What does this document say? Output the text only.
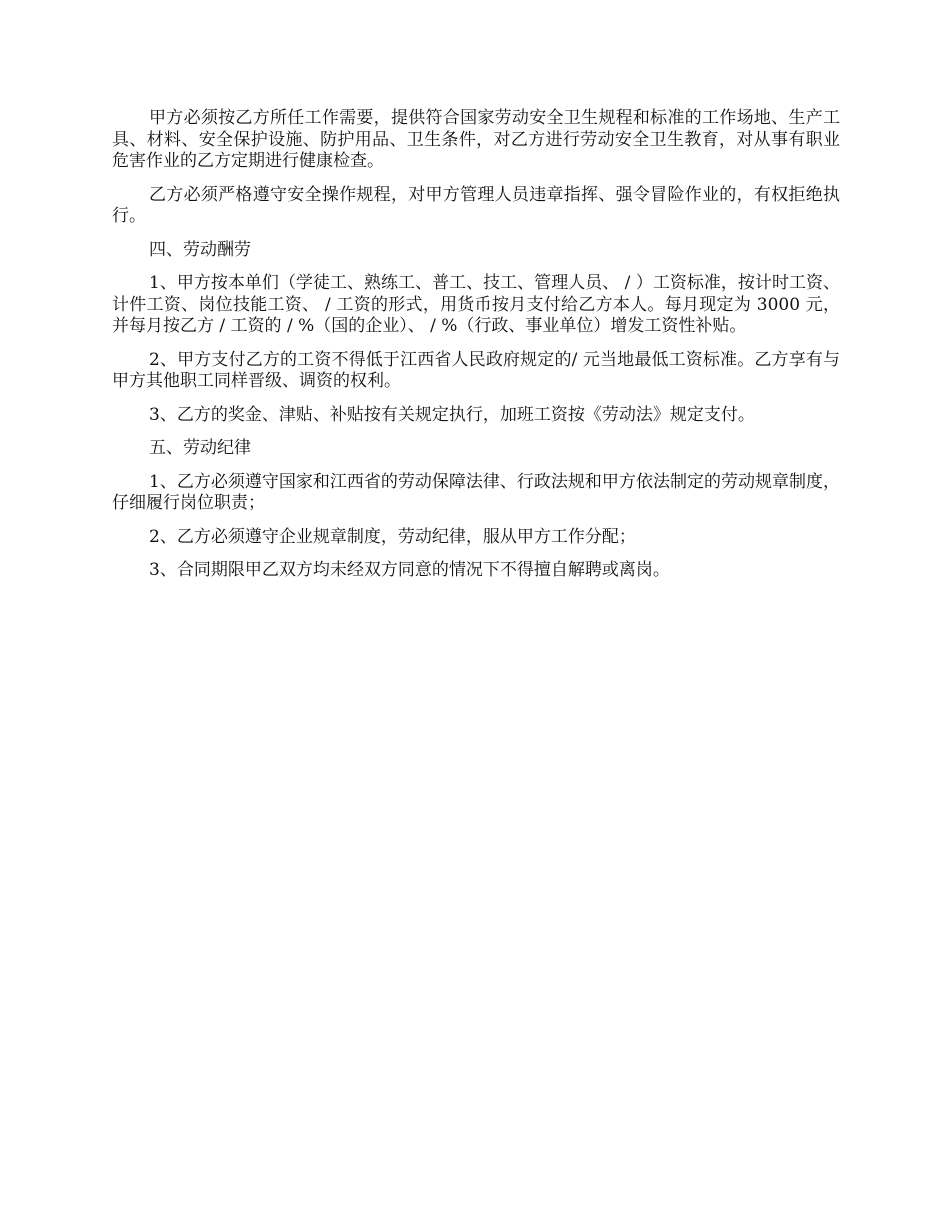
甲方必须按乙方所任工作需要，提供符合国家劳动安全卫生规程和标准的工作场地、生产工具、材料、安全保护设施、防护用品、卫生条件，对乙方进行劳动安全卫生教育，对从事有职业危害作业的乙方定期进行健康检查。

乙方必须严格遵守安全操作规程，对甲方管理人员违章指挥、强令冒险作业的，有权拒绝执行。

四、劳动酬劳

1、甲方按本单们（学徒工、熟练工、普工、技工、管理人员、 / ）工资标准，按计时工资、计件工资、岗位技能工资、 / 工资的形式，用货币按月支付给乙方本人。每月现定为 3000 元，并每月按乙方 / 工资的 / %（国的企业）、 / %（行政、事业单位）增发工资性补贴。

2、甲方支付乙方的工资不得低于江西省人民政府规定的/ 元当地最低工资标准。乙方享有与甲方其他职工同样晋级、调资的权利。

3、乙方的奖金、津贴、补贴按有关规定执行，加班工资按《劳动法》规定支付。

五、劳动纪律

1、乙方必须遵守国家和江西省的劳动保障法律、行政法规和甲方依法制定的劳动规章制度，仔细履行岗位职责；

2、乙方必须遵守企业规章制度，劳动纪律，服从甲方工作分配；

3、合同期限甲乙双方均未经双方同意的情况下不得擅自解聘或离岗。
